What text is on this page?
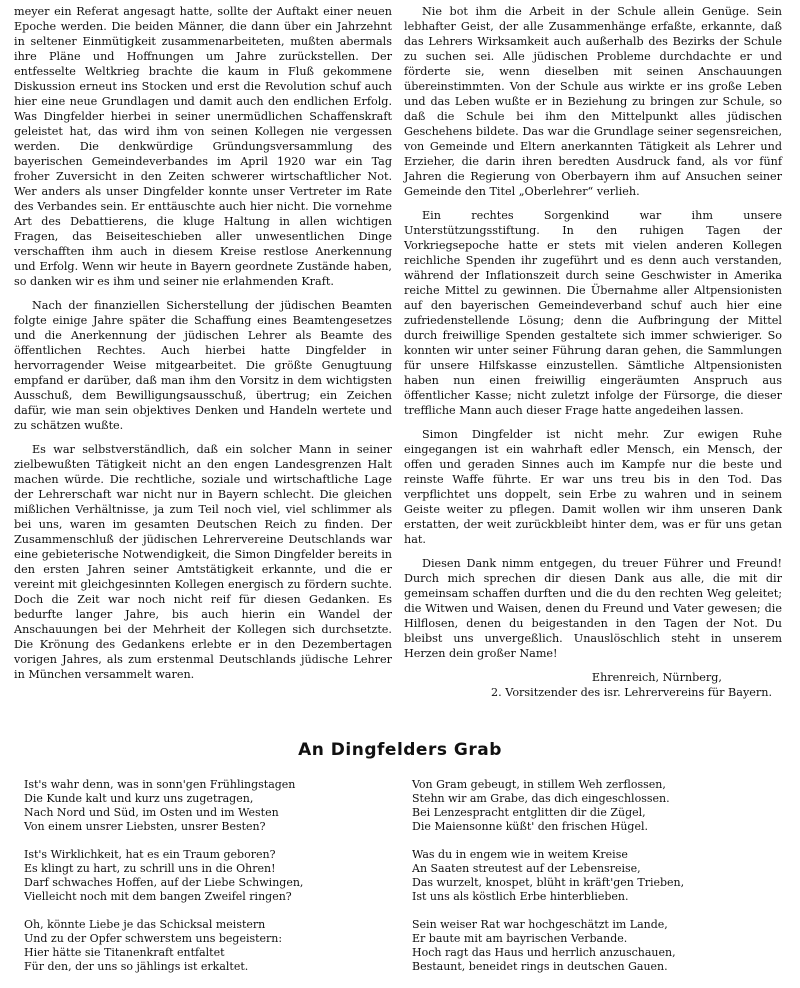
meyer ein Referat angesagt hatte, sollte der Auftakt einer neuen Epoche werden. Die beiden Männer, die dann über ein Jahrzehnt in seltener Einmütigkeit zusammenarbeiteten, mußten abermals ihre Pläne und Hoffnungen um Jahre zurückstellen. Der entfesselte Weltkrieg brachte die kaum in Fluß gekommene Diskussion erneut ins Stocken und erst die Revolution schuf auch hier eine neue Grundlagen und damit auch den endlichen Erfolg. Was Dingfelder hierbei in seiner unermüdlichen Schaffenskraft geleistet hat, das wird ihm von seinen Kollegen nie vergessen werden. Die denkwürdige Gründungsversammlung des bayerischen Gemeindeverbandes im April 1920 war ein Tag froher Zuversicht in den Zeiten schwerer wirtschaftlicher Not. Wer anders als unser Dingfelder konnte unser Vertreter im Rate des Verbandes sein. Er enttäuschte auch hier nicht. Die vornehme Art des Debattierens, die kluge Haltung in allen wichtigen Fragen, das Beiseiteschieben aller unwesentlichen Dinge verschafften ihm auch in diesem Kreise restlose Anerkennung und Erfolg. Wenn wir heute in Bayern geordnete Zustände haben, so danken wir es ihm und seiner nie erlahmenden Kraft.

Nach der finanziellen Sicherstellung der jüdischen Beamten folgte einige Jahre später die Schaffung eines Beamtengesetzes und die Anerkennung der jüdischen Lehrer als Beamte des öffentlichen Rechtes. Auch hierbei hatte Dingfelder in hervorragender Weise mitgearbeitet. Die größte Genugtuung empfand er darüber, daß man ihm den Vorsitz in dem wichtigsten Ausschuß, dem Bewilligungsausschuß, übertrug; ein Zeichen dafür, wie man sein objektives Denken und Handeln wertete und zu schätzen wußte.

Es war selbstverständlich, daß ein solcher Mann in seiner zielbewußten Tätigkeit nicht an den engen Landesgrenzen Halt machen würde. Die rechtliche, soziale und wirtschaftliche Lage der Lehrerschaft war nicht nur in Bayern schlecht. Die gleichen mißlichen Verhältnisse, ja zum Teil noch viel, viel schlimmer als bei uns, waren im gesamten Deutschen Reich zu finden. Der Zusammenschluß der jüdischen Lehrervereine Deutschlands war eine gebieterische Notwendigkeit, die Simon Dingfelder bereits in den ersten Jahren seiner Amtstätigkeit erkannte, und die er vereint mit gleichgesinnten Kollegen energisch zu fördern suchte. Doch die Zeit war noch nicht reif für diesen Gedanken. Es bedurfte langer Jahre, bis auch hierin ein Wandel der Anschauungen bei der Mehrheit der Kollegen sich durchsetzte. Die Krönung des Gedankens erlebte er in den Dezembertagen vorigen Jahres, als zum erstenmal Deutschlands jüdische Lehrer in München versammelt waren.

Nie bot ihm die Arbeit in der Schule allein Genüge. Sein lebhafter Geist, der alle Zusammenhänge erfaßte, erkannte, daß das Lehrers Wirksamkeit auch außerhalb des Bezirks der Schule zu suchen sei. Alle jüdischen Probleme durchdachte er und förderte sie, wenn dieselben mit seinen Anschauungen übereinstimmten. Von der Schule aus wirkte er ins große Leben und das Leben wußte er in Beziehung zu bringen zur Schule, so daß die Schule bei ihm den Mittelpunkt alles jüdischen Geschehens bildete. Das war die Grundlage seiner segensreichen, von Gemeinde und Eltern anerkannten Tätigkeit als Lehrer und Erzieher, die darin ihren beredten Ausdruck fand, als vor fünf Jahren die Regierung von Oberbayern ihm auf Ansuchen seiner Gemeinde den Titel „Oberlehrer“ verlieh.

Ein rechtes Sorgenkind war ihm unsere Unterstützungsstiftung. In den ruhigen Tagen der Vorkriegsepoche hatte er stets mit vielen anderen Kollegen reichliche Spenden ihr zugeführt und es denn auch verstanden, während der Inflationszeit durch seine Geschwister in Amerika reiche Mittel zu gewinnen. Die Übernahme aller Altpensionisten auf den bayerischen Gemeindeverband schuf auch hier eine zufriedenstellende Lösung; denn die Aufbringung der Mittel durch freiwillige Spenden gestaltete sich immer schwieriger. So konnten wir unter seiner Führung daran gehen, die Sammlungen für unsere Hilfskasse einzustellen. Sämtliche Altpensionisten haben nun einen freiwillig eingeräumten Anspruch aus öffentlicher Kasse; nicht zuletzt infolge der Fürsorge, die dieser treffliche Mann auch dieser Frage hatte angedeihen lassen.

Simon Dingfelder ist nicht mehr. Zur ewigen Ruhe eingegangen ist ein wahrhaft edler Mensch, ein Mensch, der offen und geraden Sinnes auch im Kampfe nur die beste und reinste Waffe führte. Er war uns treu bis in den Tod. Das verpflichtet uns doppelt, sein Erbe zu wahren und in seinem Geiste weiter zu pflegen. Damit wollen wir ihm unseren Dank erstatten, der weit zurückbleibt hinter dem, was er für uns getan hat.

Diesen Dank nimm entgegen, du treuer Führer und Freund! Durch mich sprechen dir diesen Dank aus alle, die mit dir gemeinsam schaffen durften und die du den rechten Weg geleitet; die Witwen und Waisen, denen du Freund und Vater gewesen; die Hilflosen, denen du beigestanden in den Tagen der Not. Du bleibst uns unvergeßlich. Unauslöschlich steht in unserem Herzen dein großer Name!

Ehrenreich, Nürnberg,
2. Vorsitzender des isr. Lehrervereins für Bayern.
An Dingfelders Grab
Ist's wahr denn, was in sonn'gen Frühlingstagen
Die Kunde kalt und kurz uns zugetragen,
Nach Nord und Süd, im Osten und im Westen
Von einem unsrer Liebsten, unsrer Besten?
Ist's Wirklichkeit, hat es ein Traum geboren?
Es klingt zu hart, zu schrill uns in die Ohren!
Darf schwaches Hoffen, auf der Liebe Schwingen,
Vielleicht noch mit dem bangen Zweifel ringen?
Oh, könnte Liebe je das Schicksal meistern
Und zu der Opfer schwerstem uns begeistern:
Hier hätte sie Titanenkraft entfaltet
Für den, der uns so jählings ist erkaltet.
Von Gram gebeugt, in stillem Weh zerflossen,
Stehn wir am Grabe, das dich eingeschlossen.
Bei Lenzespracht entglitten dir die Zügel,
Die Maiensonne küßt' den frischen Hügel.
Was du in engem wie in weitem Kreise
An Saaten streutest auf der Lebensreise,
Das wurzelt, knospet, blüht in kräft'gen Trieben,
Ist uns als köstlich Erbe hinterblieben.
Sein weiser Rat war hochgeschätzt im Lande,
Er baute mit am bayrischen Verbande.
Hoch ragt das Haus und herrlich anzuschauen,
Bestaunt, beneidet rings in deutschen Gauen.
